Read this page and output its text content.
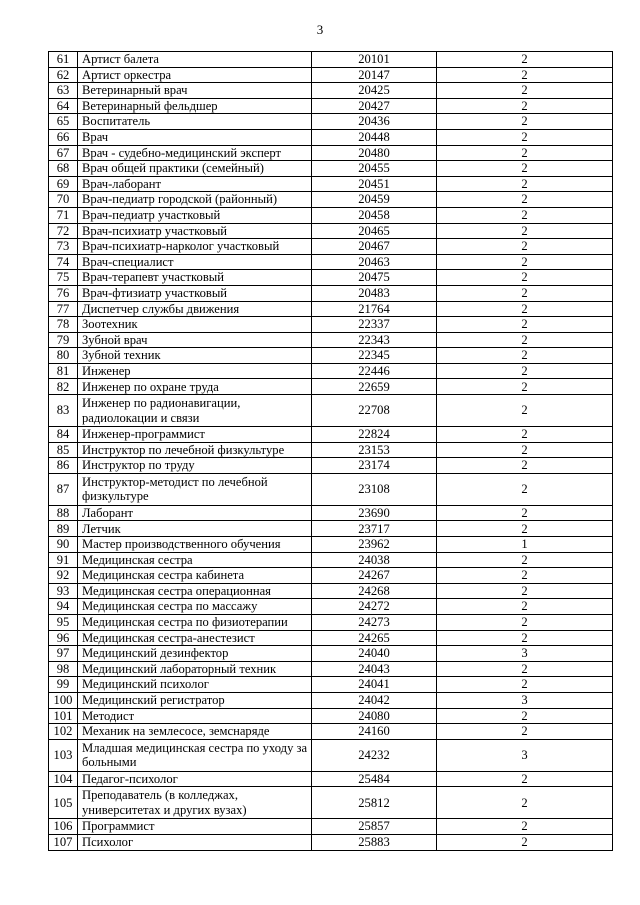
3
61	Артист балета	20101	2
62	Артист оркестра	20147	2
63	Ветеринарный врач	20425	2
64	Ветеринарный фельдшер	20427	2
65	Воспитатель	20436	2
66	Врач	20448	2
67	Врач - судебно-медицинский эксперт	20480	2
68	Врач общей практики (семейный)	20455	2
69	Врач-лаборант	20451	2
70	Врач-педиатр городской (районный)	20459	2
71	Врач-педиатр участковый	20458	2
72	Врач-психиатр участковый	20465	2
73	Врач-психиатр-нарколог участковый	20467	2
74	Врач-специалист	20463	2
75	Врач-терапевт участковый	20475	2
76	Врач-фтизиатр участковый	20483	2
77	Диспетчер службы движения	21764	2
78	Зоотехник	22337	2
79	Зубной врач	22343	2
80	Зубной техник	22345	2
81	Инженер	22446	2
82	Инженер по охране труда	22659	2
83	Инженер по радионавигации, радиолокации и связи	22708	2
84	Инженер-программист	22824	2
85	Инструктор по лечебной физкультуре	23153	2
86	Инструктор по труду	23174	2
87	Инструктор-методист по лечебной физкультуре	23108	2
88	Лаборант	23690	2
89	Летчик	23717	2
90	Мастер производственного обучения	23962	1
91	Медицинская сестра	24038	2
92	Медицинская сестра кабинета	24267	2
93	Медицинская сестра операционная	24268	2
94	Медицинская сестра по массажу	24272	2
95	Медицинская сестра по физиотерапии	24273	2
96	Медицинская сестра-анестезист	24265	2
97	Медицинский дезинфектор	24040	3
98	Медицинский лабораторный техник	24043	2
99	Медицинский психолог	24041	2
100	Медицинский регистратор	24042	3
101	Методист	24080	2
102	Механик на землесосе, земснаряде	24160	2
103	Младшая медицинская сестра по уходу за больными	24232	3
104	Педагог-психолог	25484	2
105	Преподаватель (в колледжах, университетах и других вузах)	25812	2
106	Программист	25857	2
107	Психолог	25883	2
